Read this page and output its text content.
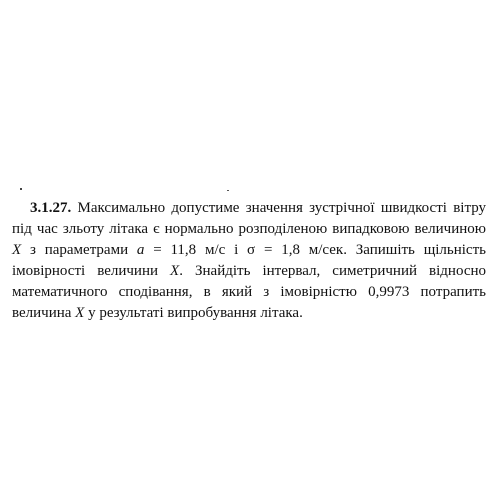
3.1.27. Максимально допустиме значення зустрічної швидкості вітру під час зльоту літака є нормально розподіленою випадковою величиною X з параметрами a = 11,8 м/с і σ = 1,8 м/сек. Запишіть щільність імовірності величини X. Знайдіть інтервал, симетричний відносно математичного сподівання, в який з імовірністю 0,9973 потрапить величина X у результаті випробування літака.
